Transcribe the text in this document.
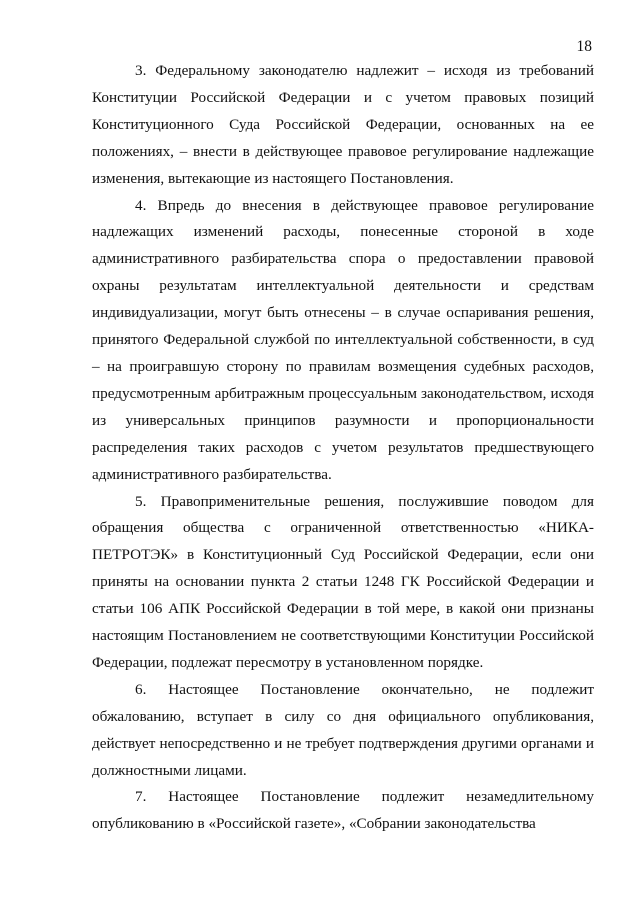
18

3. Федеральному законодателю надлежит – исходя из требований Конституции Российской Федерации и с учетом правовых позиций Конституционного Суда Российской Федерации, основанных на ее положениях, – внести в действующее правовое регулирование надлежащие изменения, вытекающие из настоящего Постановления.

4. Впредь до внесения в действующее правовое регулирование надлежащих изменений расходы, понесенные стороной в ходе административного разбирательства спора о предоставлении правовой охраны результатам интеллектуальной деятельности и средствам индивидуализации, могут быть отнесены – в случае оспаривания решения, принятого Федеральной службой по интеллектуальной собственности, в суд – на проигравшую сторону по правилам возмещения судебных расходов, предусмотренным арбитражным процессуальным законодательством, исходя из универсальных принципов разумности и пропорциональности распределения таких расходов с учетом результатов предшествующего административного разбирательства.

5. Правоприменительные решения, послужившие поводом для обращения общества с ограниченной ответственностью «НИКА-ПЕТРОТЭК» в Конституционный Суд Российской Федерации, если они приняты на основании пункта 2 статьи 1248 ГК Российской Федерации и статьи 106 АПК Российской Федерации в той мере, в какой они признаны настоящим Постановлением не соответствующими Конституции Российской Федерации, подлежат пересмотру в установленном порядке.

6. Настоящее Постановление окончательно, не подлежит обжалованию, вступает в силу со дня официального опубликования, действует непосредственно и не требует подтверждения другими органами и должностными лицами.

7. Настоящее Постановление подлежит незамедлительному опубликованию в «Российской газете», «Собрании законодательства
